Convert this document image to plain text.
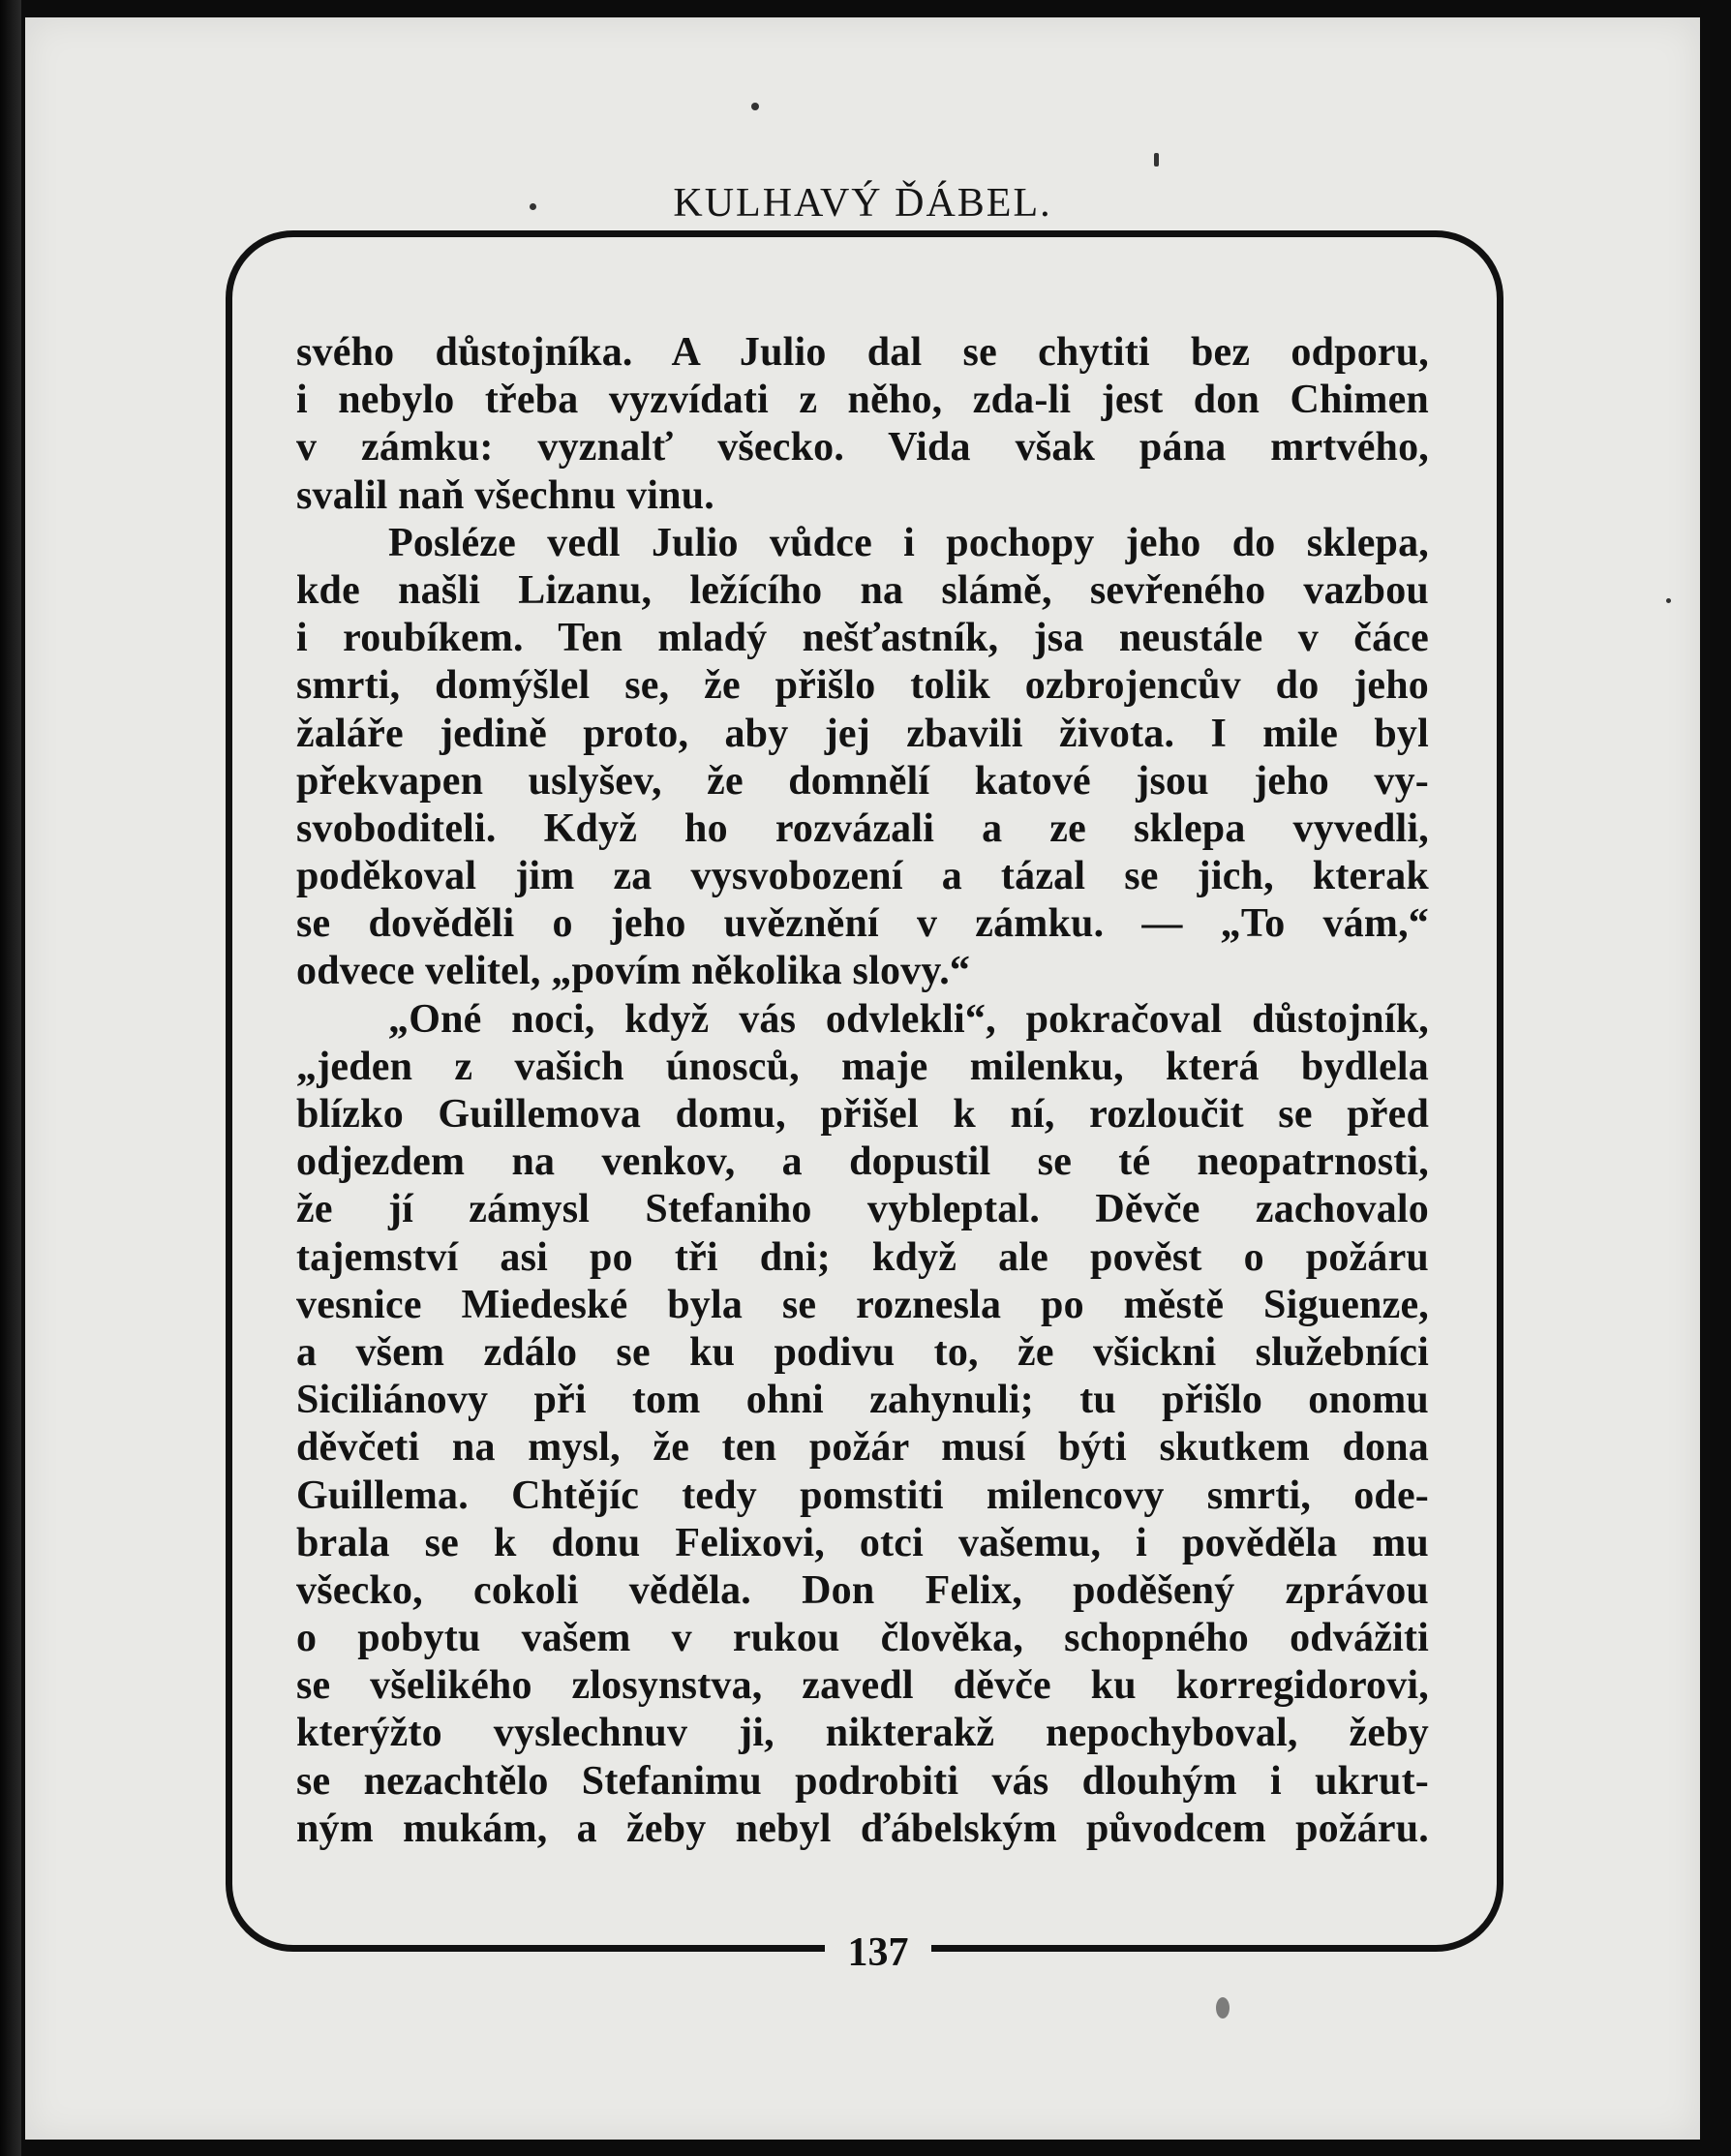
KULHAVÝ ĎÁBEL.
svého důstojníka. A Julio dal se chytiti bez odporu,
i nebylo třeba vyzvídati z něho, zda-li jest don Chimen
v zámku: vyznalť všecko. Vida však pána mrtvého,
svalil naň všechnu vinu.
Posléze vedl Julio vůdce i pochopy jeho do sklepa,
kde našli Lizanu, ležícího na slámě, sevřeného vazbou
i roubíkem. Ten mladý nešťastník, jsa neustále v čáce
smrti, domýšlel se, že přišlo tolik ozbrojencův do jeho
žaláře jedině proto, aby jej zbavili života. I mile byl
překvapen uslyšev, že domnělí katové jsou jeho vy-
svoboditeli. Když ho rozvázali a ze sklepa vyvedli,
poděkoval jim za vysvobození a tázal se jich, kterak
se dověděli o jeho uvěznění v zámku. — „To vám,“
odvece velitel, „povím několika slovy.“
„Oné noci, když vás odvlekli“, pokračoval důstojník,
„jeden z vašich únosců, maje milenku, která bydlela
blízko Guillemova domu, přišel k ní, rozloučit se před
odjezdem na venkov, a dopustil se té neopatrnosti,
že jí zámysl Stefaniho vybleptal. Děvče zachovalo
tajemství asi po tři dni; když ale pověst o požáru
vesnice Miedeské byla se roznesla po městě Siguenze,
a všem zdálo se ku podivu to, že všickni služebníci
Siciliánovy při tom ohni zahynuli; tu přišlo onomu
děvčeti na mysl, že ten požár musí býti skutkem dona
Guillema. Chtějíc tedy pomstiti milencovy smrti, ode-
brala se k donu Felixovi, otci vašemu, i pověděla mu
všecko, cokoli věděla. Don Felix, poděšený zprávou
o pobytu vašem v rukou člověka, schopného odvážiti
se všelikého zlosynstva, zavedl děvče ku korregidorovi,
kterýžto vyslechnuv ji, nikterakž nepochyboval, žeby
se nezachtělo Stefanimu podrobiti vás dlouhým i ukrut-
ným mukám, a žeby nebyl ďábelským původcem požáru.
137
